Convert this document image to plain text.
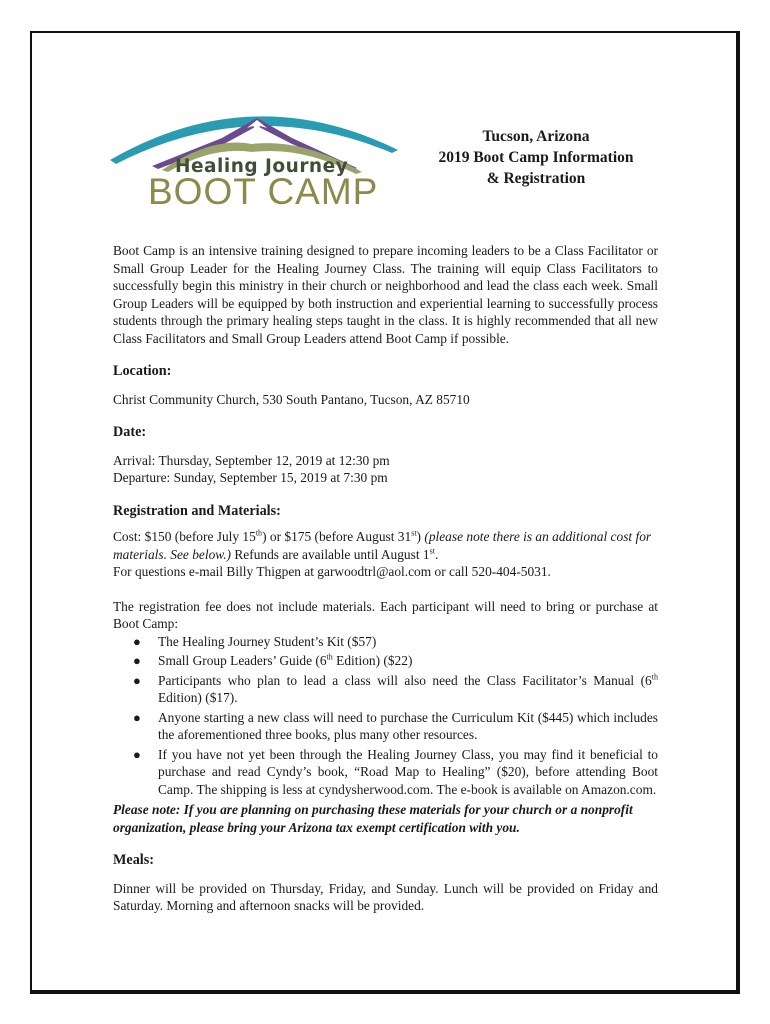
Healing Journey
BOOT CAMP
Tucson, Arizona
2019 Boot Camp Information
& Registration

Boot Camp is an intensive training designed to prepare incoming leaders to be a Class Facilitator or Small Group Leader for the Healing Journey Class. The training will equip Class Facilitators to successfully begin this ministry in their church or neighborhood and lead the class each week. Small Group Leaders will be equipped by both instruction and experiential learning to successfully process students through the primary healing steps taught in the class. It is highly recommended that all new Class Facilitators and Small Group Leaders attend Boot Camp if possible.

Location:

Christ Community Church, 530 South Pantano, Tucson, AZ 85710

Date:

Arrival: Thursday, September 12, 2019 at 12:30 pm

Departure: Sunday, September 15, 2019 at 7:30 pm

Registration and Materials:

Cost: $150 (before July 15th) or $175 (before August 31st) (please note there is an additional cost for materials. See below.) Refunds are available until August 1st.

For questions e-mail Billy Thigpen at garwoodtrl@aol.com or call 520-404-5031.

The registration fee does not include materials. Each participant will need to bring or purchase at Boot Camp:

● The Healing Journey Student’s Kit ($57)
● Small Group Leaders’ Guide (6th Edition) ($22)
● Participants who plan to lead a class will also need the Class Facilitator’s Manual (6th Edition) ($17).
● Anyone starting a new class will need to purchase the Curriculum Kit ($445) which includes the aforementioned three books, plus many other resources.
● If you have not yet been through the Healing Journey Class, you may find it beneficial to purchase and read Cyndy’s book, “Road Map to Healing” ($20), before attending Boot Camp. The shipping is less at cyndysherwood.com. The e-book is available on Amazon.com.

Please note: If you are planning on purchasing these materials for your church or a nonprofit organization, please bring your Arizona tax exempt certification with you.

Meals:

Dinner will be provided on Thursday, Friday, and Sunday. Lunch will be provided on Friday and Saturday. Morning and afternoon snacks will be provided.
